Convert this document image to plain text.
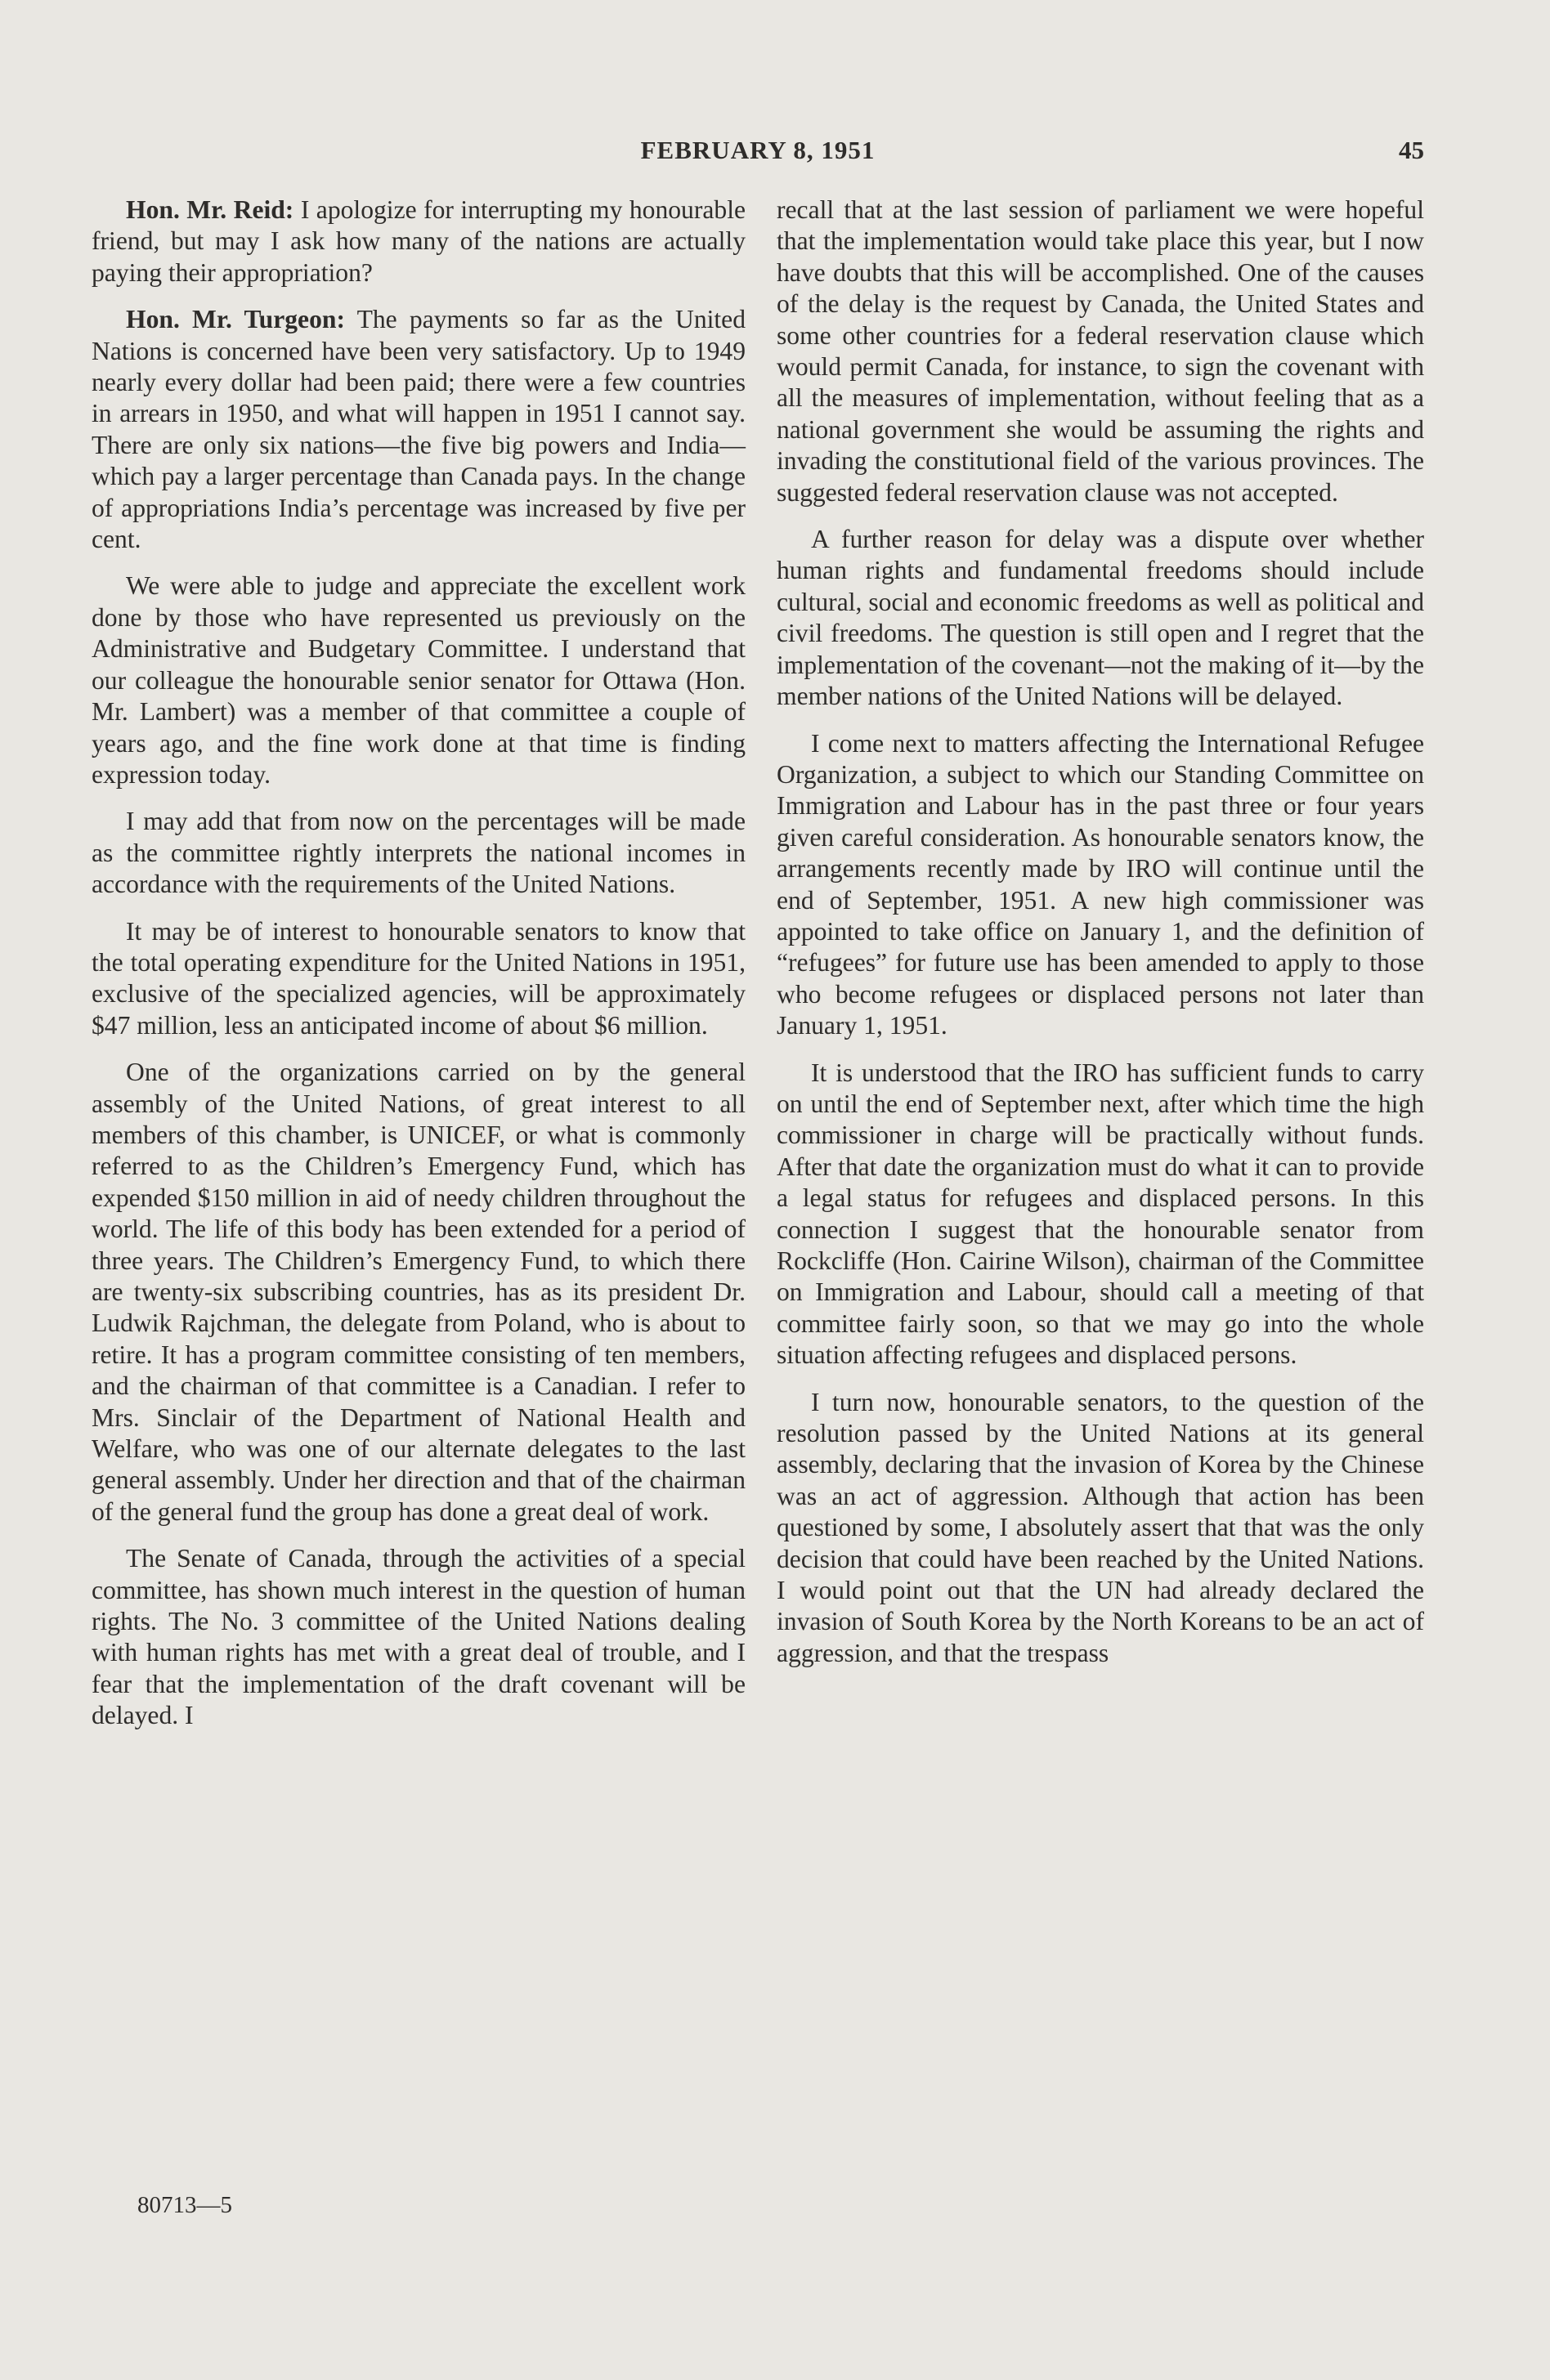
FEBRUARY 8, 1951	45

Hon. Mr. Reid: I apologize for interrupting my honourable friend, but may I ask how many of the nations are actually paying their appropriation?

Hon. Mr. Turgeon: The payments so far as the United Nations is concerned have been very satisfactory. Up to 1949 nearly every dollar had been paid; there were a few countries in arrears in 1950, and what will happen in 1951 I cannot say. There are only six nations—the five big powers and India—which pay a larger percentage than Canada pays. In the change of appropriations India’s percentage was increased by five per cent.

We were able to judge and appreciate the excellent work done by those who have represented us previously on the Administrative and Budgetary Committee. I understand that our colleague the honourable senior senator for Ottawa (Hon. Mr. Lambert) was a member of that committee a couple of years ago, and the fine work done at that time is finding expression today.

I may add that from now on the percentages will be made as the committee rightly interprets the national incomes in accordance with the requirements of the United Nations.

It may be of interest to honourable senators to know that the total operating expenditure for the United Nations in 1951, exclusive of the specialized agencies, will be approximately $47 million, less an anticipated income of about $6 million.

One of the organizations carried on by the general assembly of the United Nations, of great interest to all members of this chamber, is UNICEF, or what is commonly referred to as the Children’s Emergency Fund, which has expended $150 million in aid of needy children throughout the world. The life of this body has been extended for a period of three years. The Children’s Emergency Fund, to which there are twenty-six subscribing countries, has as its president Dr. Ludwik Rajchman, the delegate from Poland, who is about to retire. It has a program committee consisting of ten members, and the chairman of that committee is a Canadian. I refer to Mrs. Sinclair of the Department of National Health and Welfare, who was one of our alternate delegates to the last general assembly. Under her direction and that of the chairman of the general fund the group has done a great deal of work.

The Senate of Canada, through the activities of a special committee, has shown much interest in the question of human rights. The No. 3 committee of the United Nations dealing with human rights has met with a great deal of trouble, and I fear that the implementation of the draft covenant will be delayed. I

recall that at the last session of parliament we were hopeful that the implementation would take place this year, but I now have doubts that this will be accomplished. One of the causes of the delay is the request by Canada, the United States and some other countries for a federal reservation clause which would permit Canada, for instance, to sign the covenant with all the measures of implementation, without feeling that as a national government she would be assuming the rights and invading the constitutional field of the various provinces. The suggested federal reservation clause was not accepted.

A further reason for delay was a dispute over whether human rights and fundamental freedoms should include cultural, social and economic freedoms as well as political and civil freedoms. The question is still open and I regret that the implementation of the covenant—not the making of it—by the member nations of the United Nations will be delayed.

I come next to matters affecting the International Refugee Organization, a subject to which our Standing Committee on Immigration and Labour has in the past three or four years given careful consideration. As honourable senators know, the arrangements recently made by IRO will continue until the end of September, 1951. A new high commissioner was appointed to take office on January 1, and the definition of “refugees” for future use has been amended to apply to those who become refugees or displaced persons not later than January 1, 1951.

It is understood that the IRO has sufficient funds to carry on until the end of September next, after which time the high commissioner in charge will be practically without funds. After that date the organization must do what it can to provide a legal status for refugees and displaced persons. In this connection I suggest that the honourable senator from Rockcliffe (Hon. Cairine Wilson), chairman of the Committee on Immigration and Labour, should call a meeting of that committee fairly soon, so that we may go into the whole situation affecting refugees and displaced persons.

I turn now, honourable senators, to the question of the resolution passed by the United Nations at its general assembly, declaring that the invasion of Korea by the Chinese was an act of aggression. Although that action has been questioned by some, I absolutely assert that that was the only decision that could have been reached by the United Nations. I would point out that the UN had already declared the invasion of South Korea by the North Koreans to be an act of aggression, and that the trespass

80713—5
